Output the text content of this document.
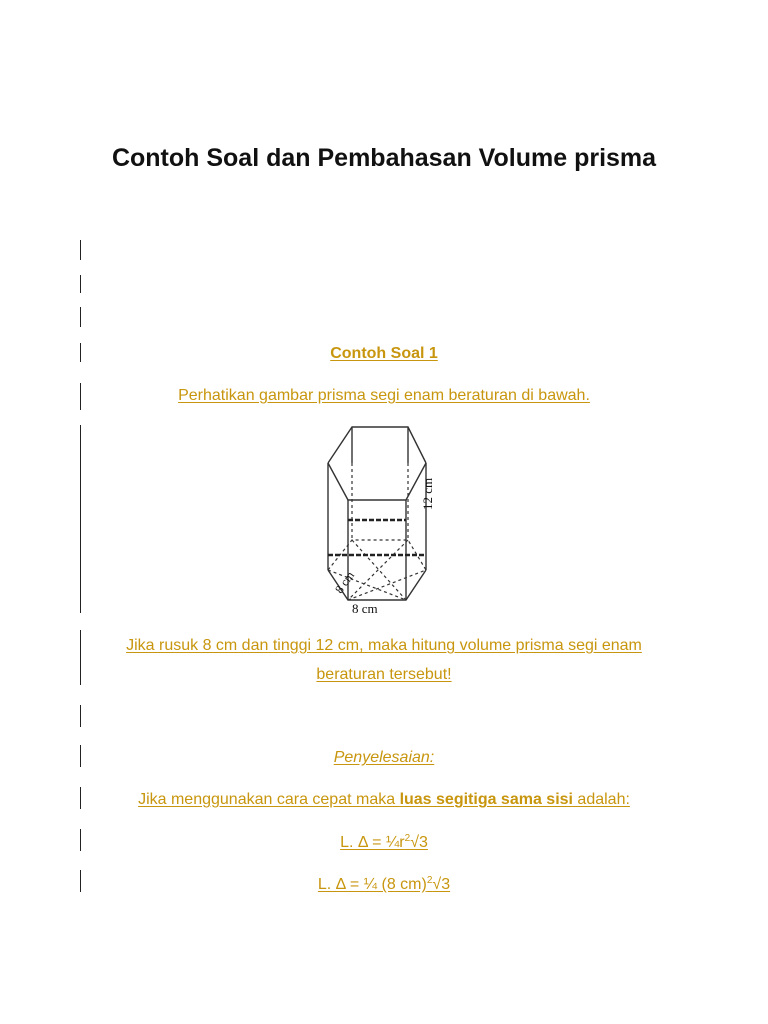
Contoh Soal dan Pembahasan Volume prisma

Contoh Soal 1

Perhatikan gambar prisma segi enam beraturan di bawah.

12 cm
8 cm
8 cm

Jika rusuk 8 cm dan tinggi 12 cm, maka hitung volume prisma segi enam

beraturan tersebut!

Penyelesaian:

Jika menggunakan cara cepat maka luas segitiga sama sisi adalah:

L. $\Delta = \frac{1}{4}r^2√3$

L. Δ = ¼ (8 cm)$^2$√3
